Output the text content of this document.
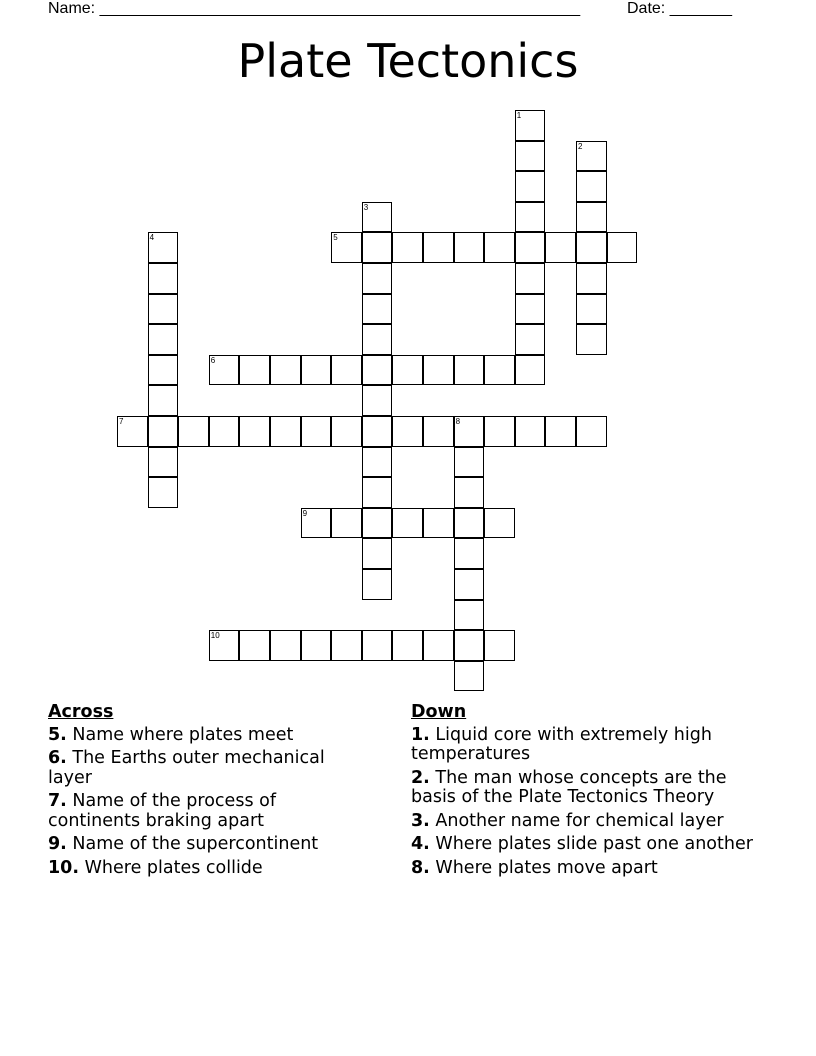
Name: ______________________________________________________	Date: _______
Plate Tectonics
1
2
3
4	5
6
7	8
9
10
Across
5. Name where plates meet
6. The Earths outer mechanical layer
7. Name of the process of continents braking apart
9. Name of the supercontinent
10. Where plates collide
Down
1. Liquid core with extremely high temperatures
2. The man whose concepts are the basis of the Plate Tectonics Theory
3. Another name for chemical layer
4. Where plates slide past one another
8. Where plates move apart
